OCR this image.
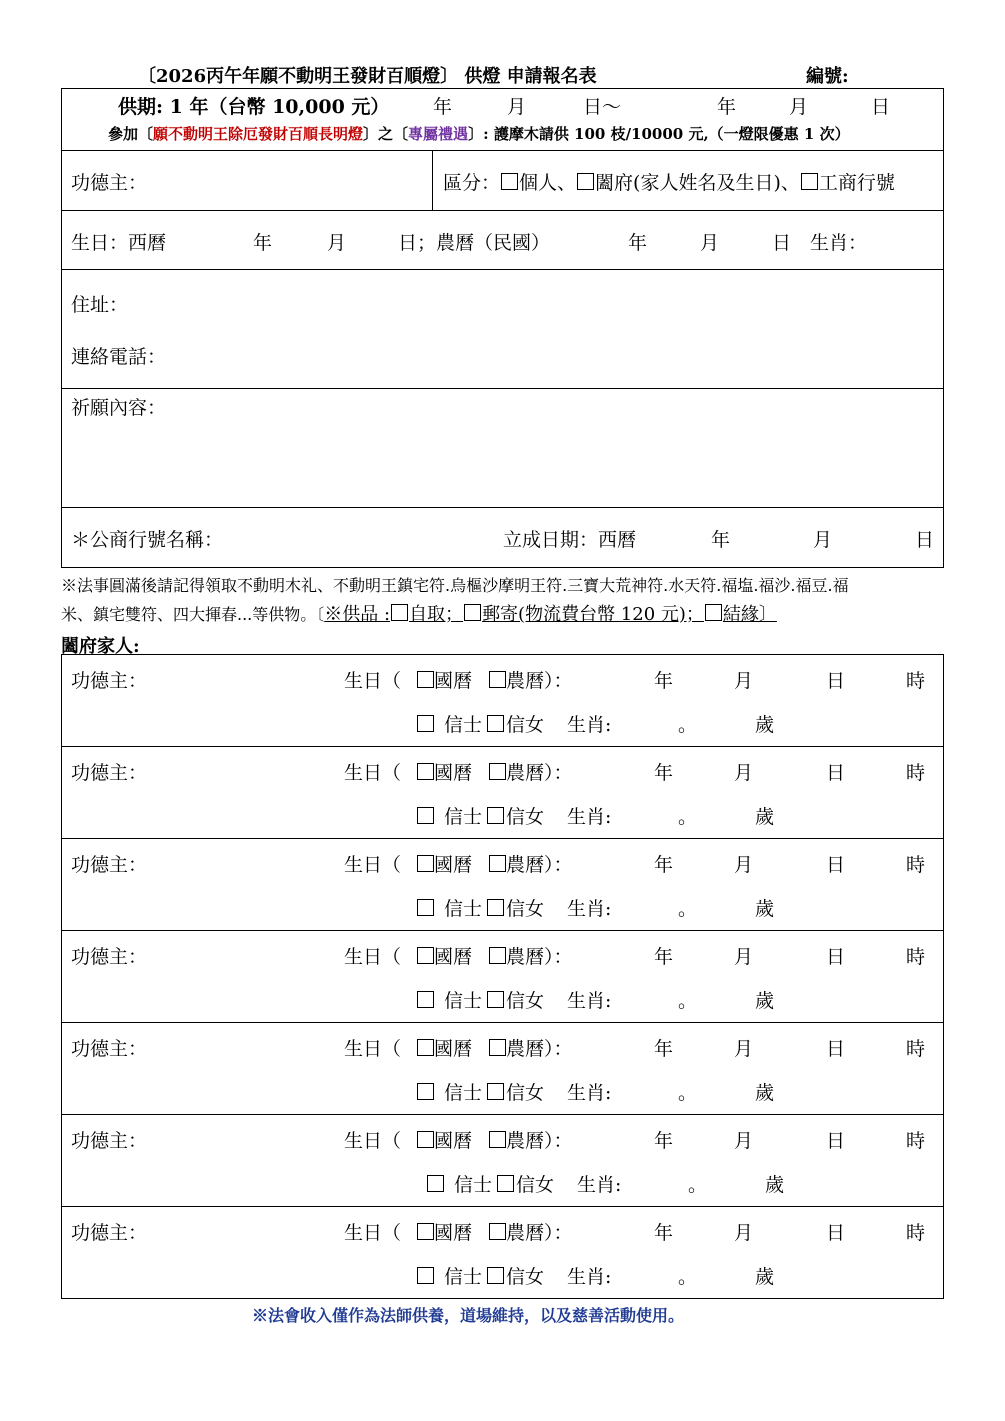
〔2026丙午年願不動明王發財百順燈〕 供燈 申請報名表	編號:
供期: 1 年（台幣 10,000 元） 年	月	日～	年	月	日
參加〔願不動明王除厄發財百順長明燈〕之〔專屬禮遇〕: 護摩木請供 100 枝/10000 元,（一燈限優惠 1 次）
功德主：	區分： 個人、 闔府(家人姓名及生日)、 工商行號
生日：西曆	年	月	日；農曆（民國）	年	月	日 生肖：
住址：
連絡電話：
祈願內容：
＊公商行號名稱：	立成日期：西曆	年	月	日
※法事圓滿後請記得領取不動明木礼、不動明王鎮宅符.烏樞沙摩明王符.三寶大荒神符.水天符.福塩.福沙.福豆.福
米、鎮宅雙符、四大揮春...等供物。〔※供品 : 自取； 郵寄(物流費台幣 120 元)； 結緣〕
闔府家人:
※法會收入僅作為法師供養，道場維持，以及慈善活動使用。
功德主：	生日（ 國曆 農曆）：	年	月	日	時
信士 信女 生肖:	。	歲
功德主：	生日（ 國曆 農曆）：	年	月	日	時
信士 信女 生肖:	。	歲
功德主：	生日（ 國曆 農曆）：	年	月	日	時
信士 信女 生肖:	。	歲
功德主：	生日（ 國曆 農曆）：	年	月	日	時
信士 信女 生肖:	。	歲
功德主：	生日（ 國曆 農曆）：	年	月	日	時
信士 信女 生肖:	。	歲
功德主：	生日（ 國曆 農曆）：	年	月	日	時
信士 信女 生肖:	。	歲
功德主：	生日（ 國曆 農曆）：	年	月	日	時
信士 信女 生肖:	。	歲
